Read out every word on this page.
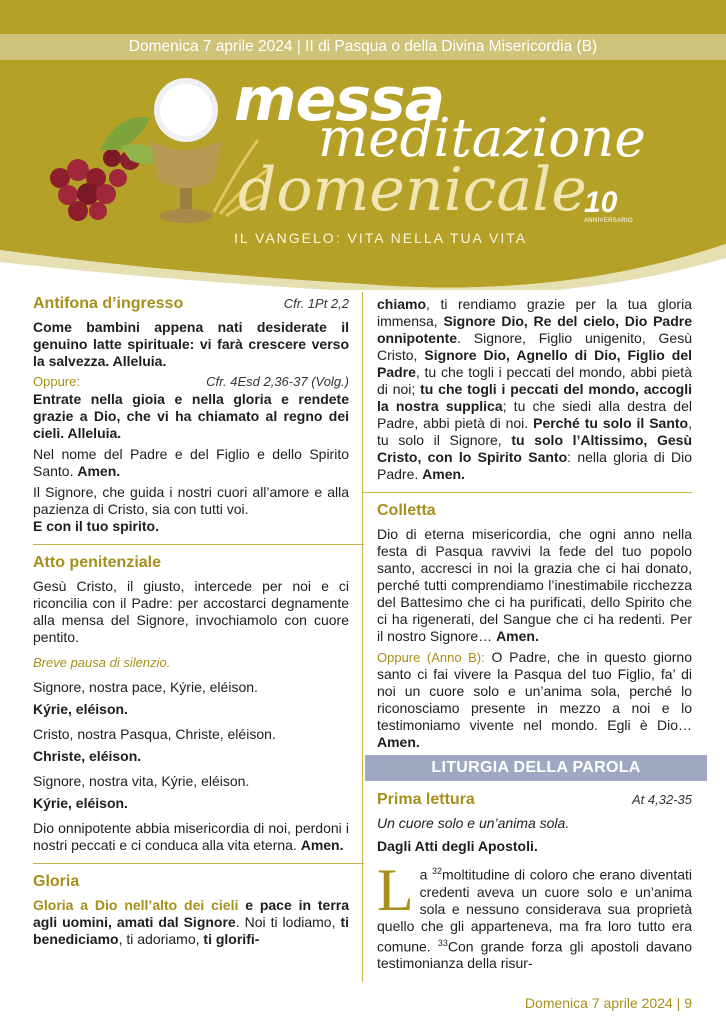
Domenica 7 aprile 2024 | II di Pasqua o della Divina Misericordia (B)
messa
meditazione
domenicale
IL VANGELO: VITA NELLA TUA VITA
10
ANNIVERSARIO
Antifona d’ingresso	Cfr. 1Pt 2,2

Come bambini appena nati desiderate il genuino latte spirituale: vi farà crescere verso la salvezza. Alleluia.

Oppure:	Cfr. 4Esd 2,36-37 (Volg.)

Entrate nella gioia e nella gloria e rendete grazie a Dio, che vi ha chiamato al regno dei cieli. Alleluia.

Nel nome del Padre e del Figlio e dello Spirito Santo. Amen.

Il Signore, che guida i nostri cuori all’amore e alla pazienza di Cristo, sia con tutti voi.

E con il tuo spirito.

Atto penitenziale

Gesù Cristo, il giusto, intercede per noi e ci riconcilia con il Padre: per accostarci degnamente alla mensa del Signore, invochiamolo con cuore pentito.

Breve pausa di silenzio.

Signore, nostra pace, Kýrie, eléison.

Kýrie, eléison.

Cristo, nostra Pasqua, Christe, eléison.

Christe, eléison.

Signore, nostra vita, Kýrie, eléison.

Kýrie, eléison.

Dio onnipotente abbia misericordia di noi, perdoni i nostri peccati e ci conduca alla vita eterna. Amen.

Gloria

Gloria a Dio nell’alto dei cieli e pace in terra agli uomini, amati dal Signore. Noi ti lodiamo, ti benediciamo, ti adoriamo, ti glorifi-

chiamo, ti rendiamo grazie per la tua gloria immensa, Signore Dio, Re del cielo, Dio Padre onnipotente. Signore, Figlio unigenito, Gesù Cristo, Signore Dio, Agnello di Dio, Figlio del Padre, tu che togli i peccati del mondo, abbi pietà di noi; tu che togli i peccati del mondo, accogli la nostra supplica; tu che siedi alla destra del Padre, abbi pietà di noi. Perché tu solo il Santo, tu solo il Signore, tu solo l’Altissimo, Gesù Cristo, con lo Spirito Santo: nella gloria di Dio Padre. Amen.

Colletta

Dio di eterna misericordia, che ogni anno nella festa di Pasqua ravvivi la fede del tuo popolo santo, accresci in noi la grazia che ci hai donato, perché tutti comprendiamo l’inestimabile ricchezza del Battesimo che ci ha purificati, dello Spirito che ci ha rigenerati, del Sangue che ci ha redenti. Per il nostro Signore… Amen.

Oppure (Anno B): O Padre, che in questo giorno santo ci fai vivere la Pasqua del tuo Figlio, fa’ di noi un cuore solo e un’anima sola, perché lo riconosciamo presente in mezzo a noi e lo testimoniamo vivente nel mondo. Egli è Dio… Amen.

LITURGIA DELLA PAROLA
Prima lettura	At 4,32-35

Un cuore solo e un’anima sola.

Dagli Atti degli Apostoli.

La $^{32}$moltitudine di coloro che erano diventati credenti aveva un cuore solo e un’anima sola e nessuno considerava sua proprietà quello che gli apparteneva, ma fra loro tutto era comune. $^{33}$Con grande forza gli apostoli davano testimonianza della risur-

Domenica 7 aprile 2024 | 9
